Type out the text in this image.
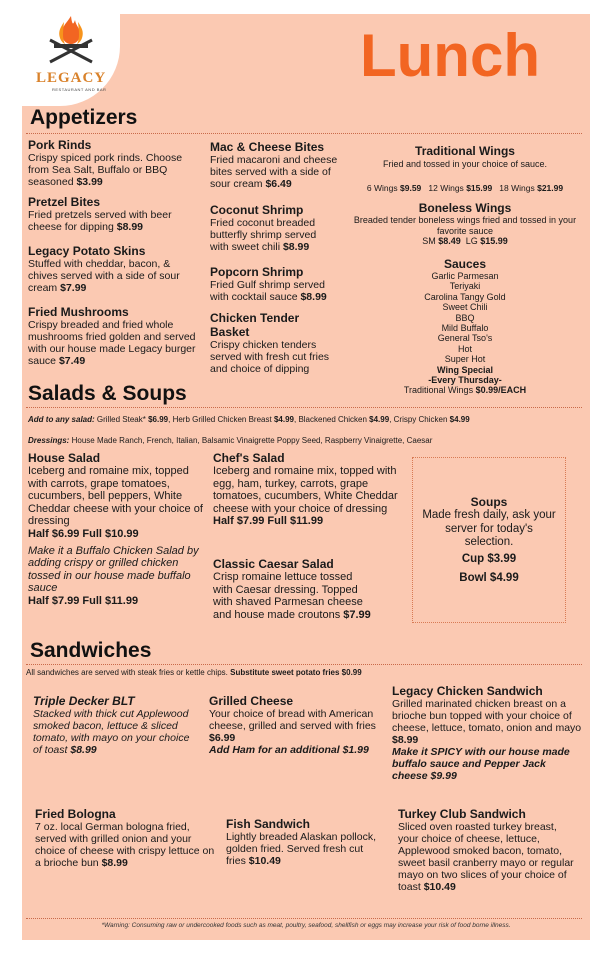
LEGACY
RESTAURANT AND BAR
Lunch
Appetizers
Pork Rinds
Crispy spiced pork rinds. Choose from Sea Salt, Buffalo or BBQ seasoned $3.99
Pretzel Bites
Fried pretzels served with beer cheese for dipping $8.99
Legacy Potato Skins
Stuffed with cheddar, bacon, & chives served with a side of sour cream $7.99
Fried Mushrooms
Crispy breaded and fried whole mushrooms fried golden and served with our house made Legacy burger sauce $7.49
Mac & Cheese Bites
Fried macaroni and cheese bites served with a side of sour cream $6.49
Coconut Shrimp
Fried coconut breaded butterfly shrimp served with sweet chili $8.99
Popcorn Shrimp
Fried Gulf shrimp served with cocktail sauce $8.99
Chicken Tender Basket
Crispy chicken tenders served with fresh cut fries and choice of dipping
Traditional Wings
Fried and tossed in your choice of sauce.
6 Wings $9.59 12 Wings $15.99 18 Wings $21.99
Boneless Wings
Breaded tender boneless wings fried and tossed in your favorite sauce
SM $8.49 LG $15.99
Sauces
Garlic Parmesan
Teriyaki
Carolina Tangy Gold
Sweet Chili
BBQ
Mild Buffalo
General Tso's
Hot
Super Hot
Wing Special
-Every Thursday-
Traditional Wings $0.99/EACH
Salads & Soups
Add to any salad: Grilled Steak* $6.99, Herb Grilled Chicken Breast $4.99, Blackened Chicken $4.99, Crispy Chicken $4.99
Dressings: House Made Ranch, French, Italian, Balsamic Vinaigrette Poppy Seed, Raspberry Vinaigrette, Caesar
House Salad
Iceberg and romaine mix, topped with carrots, grape tomatoes, cucumbers, bell peppers, White Cheddar cheese with your choice of dressing
Half $6.99 Full $10.99
Make it a Buffalo Chicken Salad by adding crispy or grilled chicken tossed in our house made buffalo sauce
Half $7.99 Full $11.99
Chef's Salad
Iceberg and romaine mix, topped with egg, ham, turkey, carrots, grape tomatoes, cucumbers, White Cheddar cheese with your choice of dressing
Half $7.99 Full $11.99
Classic Caesar Salad
Crisp romaine lettuce tossed with Caesar dressing. Topped with shaved Parmesan cheese and house made croutons $7.99
Soups
Made fresh daily, ask your server for today's selection.
Cup $3.99
Bowl $4.99
Sandwiches
All sandwiches are served with steak fries or kettle chips. Substitute sweet potato fries $0.99
Triple Decker BLT
Stacked with thick cut Applewood smoked bacon, lettuce & sliced tomato, with mayo on your choice of toast $8.99
Grilled Cheese
Your choice of bread with American cheese, grilled and served with fries $6.99
Add Ham for an additional $1.99
Legacy Chicken Sandwich
Grilled marinated chicken breast on a brioche bun topped with your choice of cheese, lettuce, tomato, onion and mayo $8.99
Make it SPICY with our house made buffalo sauce and Pepper Jack cheese $9.99
Fried Bologna
7 oz. local German bologna fried, served with grilled onion and your choice of cheese with crispy lettuce on a brioche bun $8.99
Fish Sandwich
Lightly breaded Alaskan pollock, golden fried. Served fresh cut fries $10.49
Turkey Club Sandwich
Sliced oven roasted turkey breast, your choice of cheese, lettuce, Applewood smoked bacon, tomato, sweet basil cranberry mayo or regular mayo on two slices of your choice of toast $10.49
*Warning: Consuming raw or undercooked foods such as meat, poultry, seafood, shellfish or eggs may increase your risk of food borne illness.
